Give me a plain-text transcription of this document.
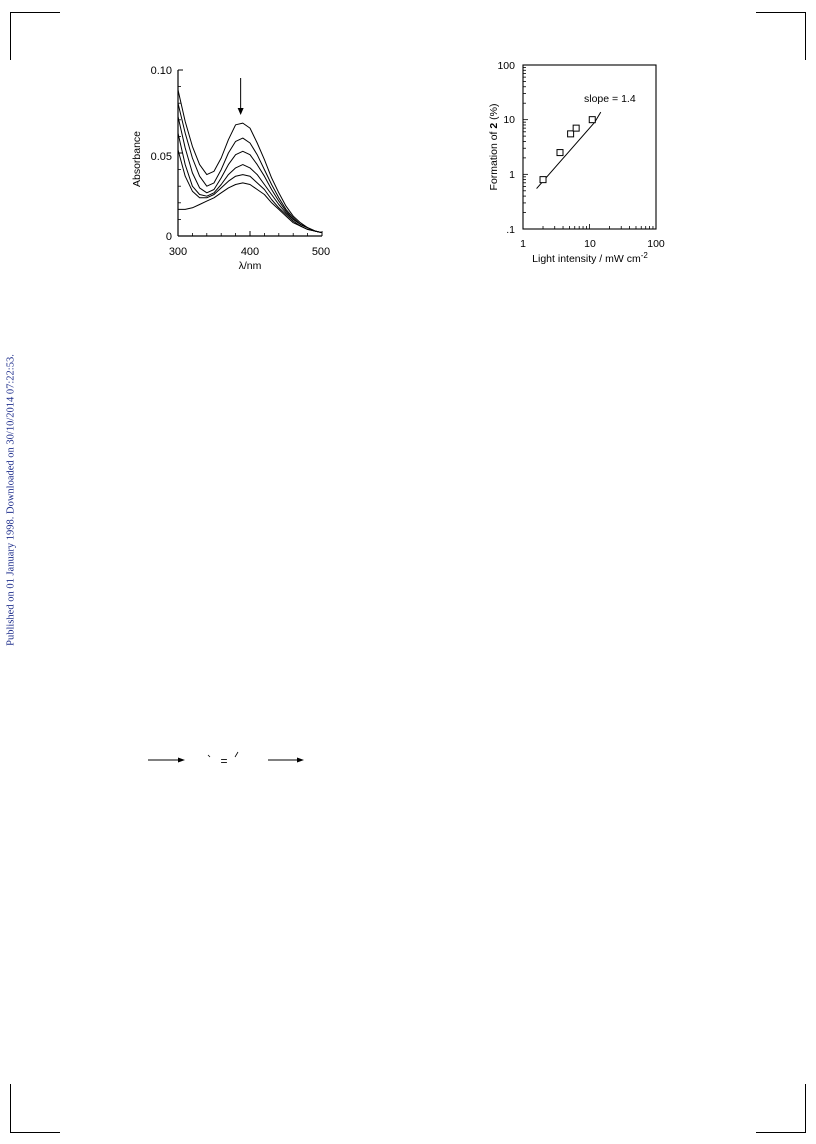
Published on 01 January 1998. Downloaded on 30/10/2014 07:22:53.
0
0.05
0.10
300	400	500
λ/nm
Absorbance
.1
1
10
100
1	10	100
Light intensity / mW $cm^{-2}$
Formation of 2 (%)
slope = 1.4
=
